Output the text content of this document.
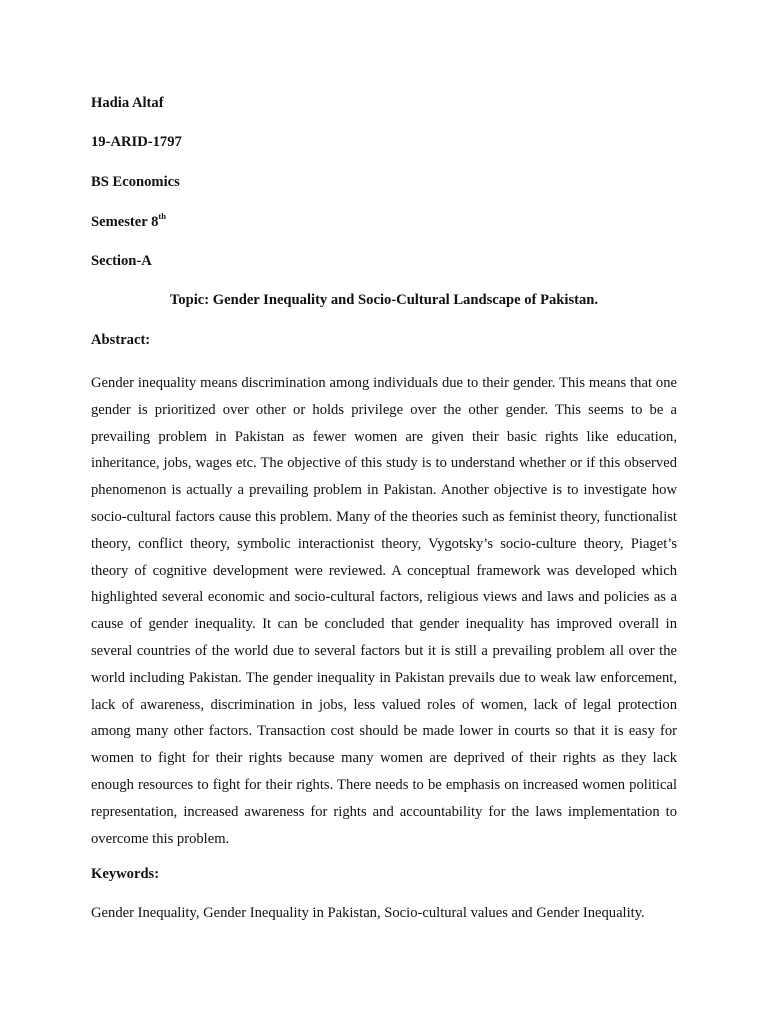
Hadia Altaf
19-ARID-1797
BS Economics
Semester 8th
Section-A
Topic: Gender Inequality and Socio-Cultural Landscape of Pakistan.
Abstract:
Gender inequality means discrimination among individuals due to their gender. This means that one gender is prioritized over other or holds privilege over the other gender. This seems to be a prevailing problem in Pakistan as fewer women are given their basic rights like education, inheritance, jobs, wages etc. The objective of this study is to understand whether or if this observed phenomenon is actually a prevailing problem in Pakistan. Another objective is to investigate how socio-cultural factors cause this problem. Many of the theories such as feminist theory, functionalist theory, conflict theory, symbolic interactionist theory, Vygotsky’s socio-culture theory, Piaget’s theory of cognitive development were reviewed. A conceptual framework was developed which highlighted several economic and socio-cultural factors, religious views and laws and policies as a cause of gender inequality. It can be concluded that gender inequality has improved overall in several countries of the world due to several factors but it is still a prevailing problem all over the world including Pakistan. The gender inequality in Pakistan prevails due to weak law enforcement, lack of awareness, discrimination in jobs, less valued roles of women, lack of legal protection among many other factors. Transaction cost should be made lower in courts so that it is easy for women to fight for their rights because many women are deprived of their rights as they lack enough resources to fight for their rights. There needs to be emphasis on increased women political representation, increased awareness for rights and accountability for the laws implementation to overcome this problem.
Keywords:
Gender Inequality, Gender Inequality in Pakistan, Socio-cultural values and Gender Inequality.
